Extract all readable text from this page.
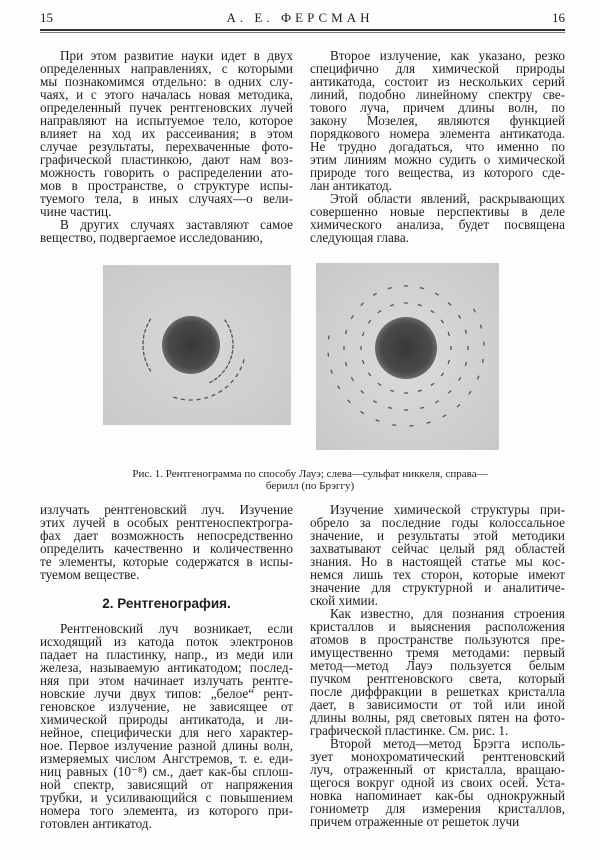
15	А. Е. ФЕРСМАН	16
При этом развитие науки идет в двух
определенных направлениях, с которыми
мы познакомимся отдельно: в одних слу-
чаях, и с этого началась новая методика,
определенный пучек рентгеновских лучей
направляют на испытуемое тело, которое
влияет на ход их рассеивания; в этом
случае результаты, перехваченные фото-
графической пластинкою, дают нам воз-
можность говорить о распределении ато-
мов в пространстве, о структуре испы-
туемого тела, в иных случаях—о вели-
чине частиц.
В других случаях заставляют самое
веществo, подвергаемое исследованию,
Второе излучение, как указано, резко
специфично для химической природы
антикатода, состоит из нескольких серий
линий, подобно линейному спектру све-
тового луча, причем длины волн, по
закону Мозелея, являются функцией
порядкового номера элемента антикатода.
Не трудно догадаться, что именно по
этим линиям можно судить о химической
природе того вещества, из которого сде-
лан антикатод.
Этой области явлений, раскрывающих
совершенно новые перспективы в деле
химического анализа, будет посвящена
следующая глава.
Рис. 1. Рентгенограмма по способу Лауэ; слева—сульфат никкеля, справа—
берилл (по Брэггу)
излучать рентгеновский луч. Изучение
этих лучей в особых рентгеноспектрогра-
фах дает возможность непосредственно
определить качественно и количественно
те элементы, которые содержатся в испы-
туемом веществе.
2. Рентгенография.
Рентгеновский луч возникает, если
исходящий из катода поток электронов
падает на пластинку, напр., из меди или
железа, называемую антикатодом; послед-
няя при этом начинает излучать рентге-
новские лучи двух типов: „белое“ рент-
геновское излучение, не зависящее от
химической природы антикатода, и ли-
нейное, специфически для него характер-
ное. Первое излучение разной длины волн,
измеряемых числом Ангстремов, т. е. еди-
ниц равных (10⁻⁸) см., дает как-бы сплош-
ной спектр, зависящий от напряжения
трубки, и усиливающийся с повышением
номера того элемента, из которого при-
готовлен антикатод.
Изучение химической структуры при-
обрело за последние годы колоссальное
значение, и результаты этой методики
захватывают сейчас целый ряд областей
знания. Но в настоящей статье мы кос-
немся лишь тех сторон, которые имеют
значение для структурной и аналитиче-
ской химии.
Как известно, для познания строения
кристаллов и выяснения расположения
атомов в пространстве пользуются пре-
имущественно тремя методами: первый
метод—метод Лауэ пользуется белым
пучком рентгеновского света, который
после диффракции в решетках кристалла
дает, в зависимости от той или иной
длины волны, ряд световых пятен на фото-
графической пластинке. См. рис. 1.
Второй метод—метод Брэгга исполь-
зует монохроматический рентгеновский
луч, отраженный от кристалла, вращаю-
щегося вокруг одной из своих осей. Уста-
новка напоминает как-бы однокружный
гониометр для измерения кристаллов,
причем отраженные от решеток лучи
